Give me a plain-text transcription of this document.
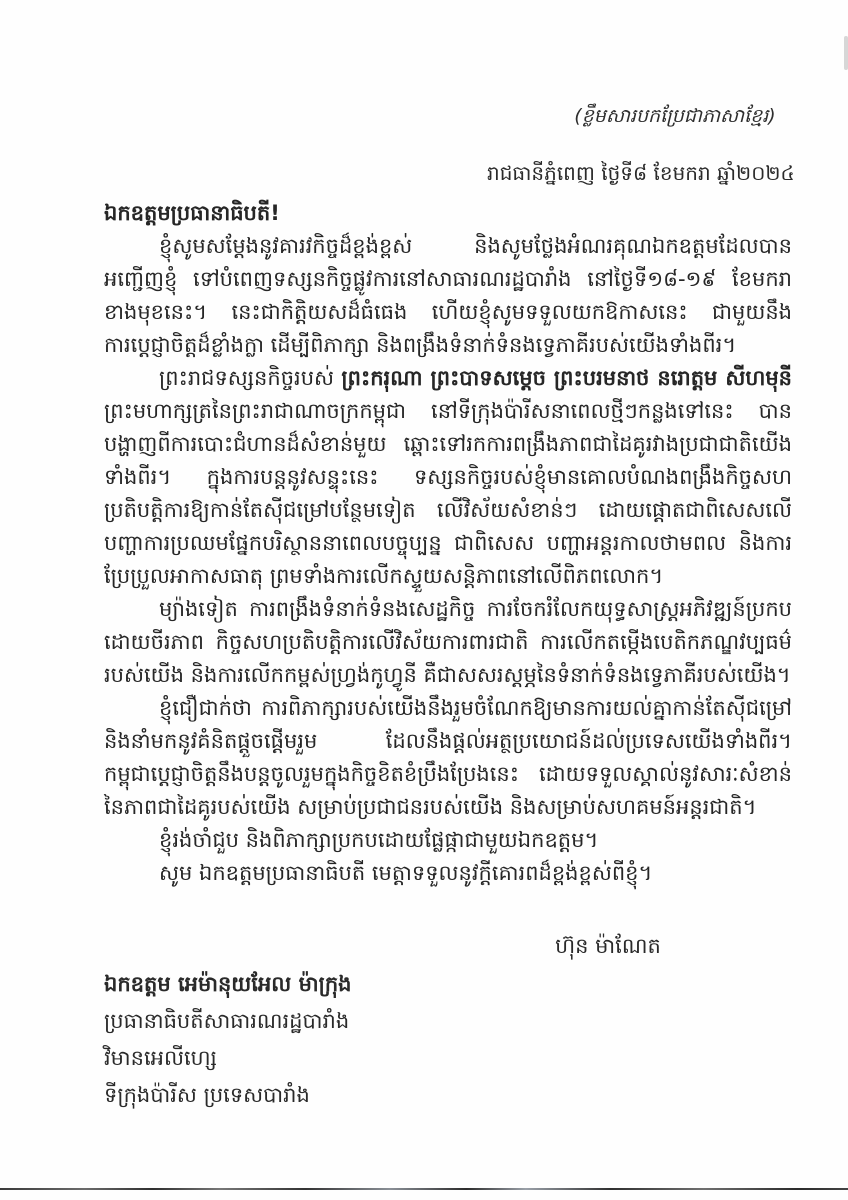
(ខ្លឹមសារបកប្រែជាភាសាខ្មែរ)
រាជធានីភ្នំពេញ ថ្ងៃទី៨ ខែមករា ឆ្នាំ២០២៤

ឯកឧត្តមប្រធានាធិបតី!

ខ្ញុំសូមសម្តែងនូវគារវកិច្ចដ៏ខ្ពង់ខ្ពស់ និងសូមថ្លែងអំណរគុណឯកឧត្តមដែលបានអញ្ជើញខ្ញុំ ទៅបំពេញទស្សនកិច្ចផ្លូវការនៅសាធារណរដ្ឋបារាំង នៅថ្ងៃទី១៨-១៩ ខែមករា ខាងមុខនេះ។ នេះជាកិត្តិយសដ៏ធំធេង ហើយខ្ញុំសូមទទួលយកឱកាសនេះ ជាមួយនឹងការប្តេជ្ញាចិត្តដ៏ខ្លាំងក្លា ដើម្បីពិភាក្សា និងពង្រឹងទំនាក់ទំនងទ្វេភាគីរបស់យើងទាំងពីរ។

ព្រះរាជទស្សនកិច្ចរបស់ ព្រះករុណា ព្រះបាទសម្តេច ព្រះបរមនាថ នរោត្តម សីហមុនី ព្រះមហាក្សត្រនៃព្រះរាជាណាចក្រកម្ពុជា នៅទីក្រុងប៉ារីសនាពេលថ្មីៗកន្លងទៅនេះ បានបង្ហាញពីការបោះជំហានដ៏សំខាន់មួយ ឆ្ពោះទៅរកការពង្រឹងភាពជាដៃគូរវាងប្រជាជាតិយើងទាំងពីរ។ ក្នុងការបន្តនូវសន្ទុះនេះ ទស្សនកិច្ចរបស់ខ្ញុំមានគោលបំណងពង្រឹងកិច្ចសហប្រតិបត្តិការឱ្យកាន់តែស៊ីជម្រៅបន្ថែមទៀត លើវិស័យសំខាន់ៗ ដោយផ្តោតជាពិសេសលើបញ្ហាការប្រឈមផ្នែកបរិស្ថាននាពេលបច្ចុប្បន្ន ជាពិសេស បញ្ហាអន្តរកាលថាមពល និងការប្រែប្រួលអាកាសធាតុ ព្រមទាំងការលើកស្ទួយសន្តិភាពនៅលើពិភពលោក។

ម្យ៉ាងទៀត ការពង្រឹងទំនាក់ទំនងសេដ្ឋកិច្ច ការចែករំលែកយុទ្ធសាស្ត្រអភិវឌ្ឍន៍ប្រកបដោយចីរភាព កិច្ចសហប្រតិបត្តិការលើវិស័យការពារជាតិ ការលើកតម្កើងបេតិកភណ្ឌវប្បធម៌របស់យើង និងការលើកកម្ពស់ហ្វ្រង់កូហ្វូនី គឺជាសសរស្តម្ភនៃទំនាក់ទំនងទ្វេភាគីរបស់យើង។

ខ្ញុំជឿជាក់ថា ការពិភាក្សារបស់យើងនឹងរួមចំណែកឱ្យមានការយល់គ្នាកាន់តែស៊ីជម្រៅ និងនាំមកនូវគំនិតផ្តួចផ្តើមរួម ដែលនឹងផ្តល់អត្ថប្រយោជន៍ដល់ប្រទេសយើងទាំងពីរ។ កម្ពុជាប្តេជ្ញាចិត្តនឹងបន្តចូលរួមក្នុងកិច្ចខិតខំប្រឹងប្រែងនេះ ដោយទទួលស្គាល់នូវសារៈសំខាន់នៃភាពជាដៃគូរបស់យើង សម្រាប់ប្រជាជនរបស់យើង និងសម្រាប់សហគមន៍អន្តរជាតិ។

ខ្ញុំរង់ចាំជួប និងពិភាក្សាប្រកបដោយផ្លែផ្កាជាមួយឯកឧត្តម។

សូម ឯកឧត្តមប្រធានាធិបតី មេត្តាទទួលនូវក្តីគោរពដ៏ខ្ពង់ខ្ពស់ពីខ្ញុំ។

ហ៊ុន ម៉ាណែត
ឯកឧត្តម អេម៉ានុយអែល ម៉ាក្រុង
ប្រធានាធិបតីសាធារណរដ្ឋបារាំង
វិមានអេលីហ្សេ
ទីក្រុងប៉ារីស ប្រទេសបារាំង
